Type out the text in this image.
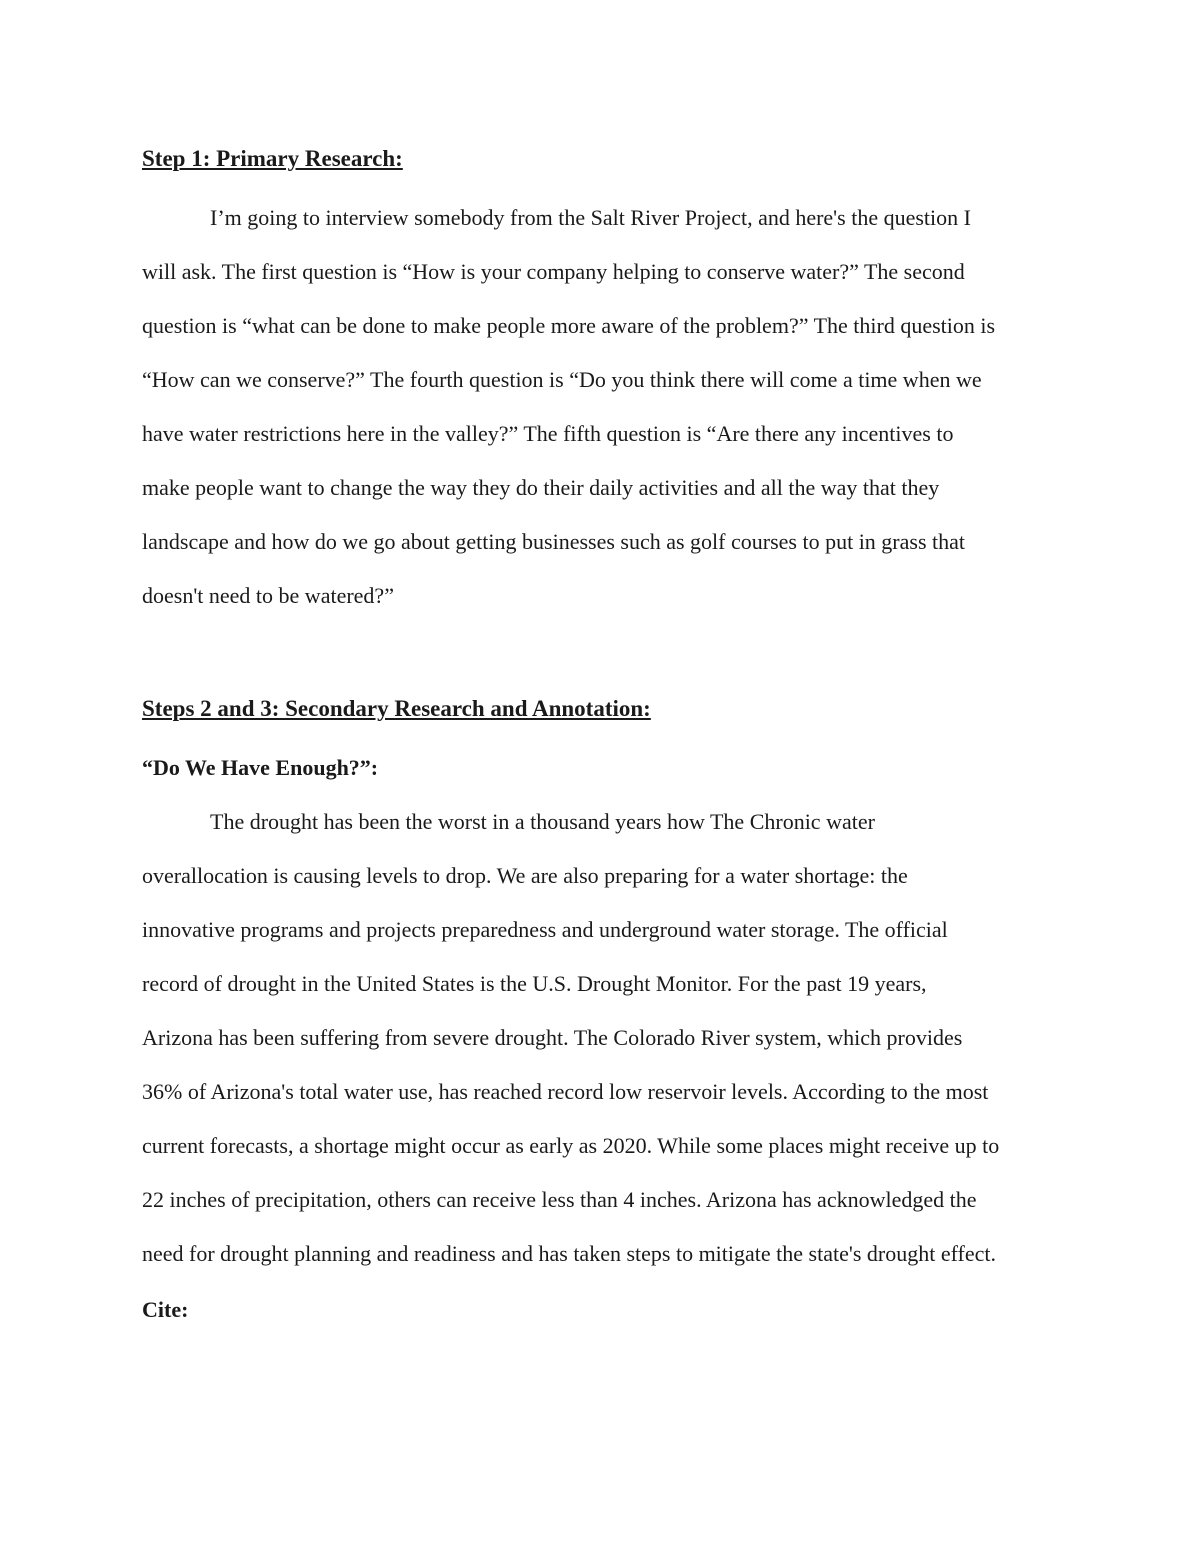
Step 1: Primary Research:

I’m going to interview somebody from the Salt River Project, and here's the question I

will ask. The first question is “How is your company helping to conserve water?” The second

question is “what can be done to make people more aware of the problem?” The third question is

“How can we conserve?” The fourth question is “Do you think there will come a time when we

have water restrictions here in the valley?” The fifth question is “Are there any incentives to

make people want to change the way they do their daily activities and all the way that they

landscape and how do we go about getting businesses such as golf courses to put in grass that

doesn't need to be watered?”

Steps 2 and 3: Secondary Research and Annotation:
“Do We Have Enough?”:

The drought has been the worst in a thousand years how The Chronic water

overallocation is causing levels to drop. We are also preparing for a water shortage: the

innovative programs and projects preparedness and underground water storage. The official

record of drought in the United States is the U.S. Drought Monitor. For the past 19 years,

Arizona has been suffering from severe drought. The Colorado River system, which provides

36% of Arizona's total water use, has reached record low reservoir levels. According to the most

current forecasts, a shortage might occur as early as 2020. While some places might receive up to

22 inches of precipitation, others can receive less than 4 inches. Arizona has acknowledged the

need for drought planning and readiness and has taken steps to mitigate the state's drought effect.

Cite:
